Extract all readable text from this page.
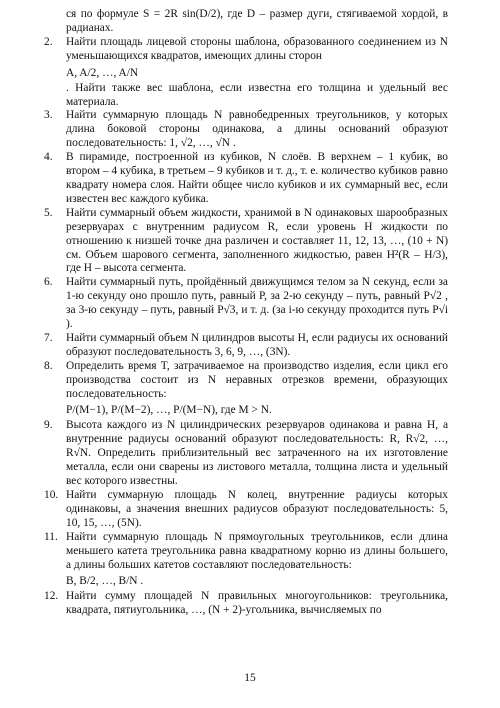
ся по формуле S = 2R sin(D/2), где D – размер дуги, стягиваемой хордой, в радианах.

2.	Найти площадь лицевой стороны шаблона, образованного соединением из N уменьшающихся квадратов, имеющих длины сторон
A, A/2, …, A/N
. Найти также вес шаблона, если известна его толщина и удельный вес материала.
3.	Найти суммарную площадь N равнобедренных треугольников, у которых длина боковой стороны одинакова, а длины оснований образуют последовательность: 1, √2, …, √N .
4.	В пирамиде, построенной из кубиков, N слоёв. В верхнем – 1 кубик, во втором – 4 кубика, в третьем – 9 кубиков и т. д., т. е. количество кубиков равно квадрату номера слоя. Найти общее число кубиков и их суммарный вес, если известен вес каждого кубика.
5.	Найти суммарный объем жидкости, хранимой в N одинаковых шарообразных резервуарах с внутренним радиусом R, если уровень H жидкости по отношению к низшей точке дна различен и составляет 11, 12, 13, …, (10 + N) см. Объем шарового сегмента, заполненного жидкостью, равен H²(R – H/3), где H – высота сегмента.
6.	Найти суммарный путь, пройдённый движущимся телом за N секунд, если за 1-ю секунду оно прошло путь, равный P, за 2-ю секунду – путь, равный P√2 , за 3-ю секунду – путь, равный P√3, и т. д. (за i-ю секунду проходится путь P√i ).
7.	Найти суммарный объем N цилиндров высоты H, если радиусы их оснований образуют последовательность 3, 6, 9, …, (3N).
8.	Определить время T, затрачиваемое на производство изделия, если цикл его производства состоит из N неравных отрезков времени, образующих последовательность:
P/(M−1), P/(M−2), …, P/(M−N), где M > N.
9.	Высота каждого из N цилиндрических резервуаров одинакова и равна H, а внутренние радиусы оснований образуют последовательность: R, R√2, …, R√N. Определить приблизительный вес затраченного на их изготовление металла, если они сварены из листового металла, толщина листа и удельный вес которого известны.
10. Найти суммарную площадь N колец, внутренние радиусы которых одинаковы, а значения внешних радиусов образуют последовательность: 5, 10, 15, …, (5N).
11. Найти суммарную площадь N прямоугольных треугольников, если длина меньшего катета треугольника равна квадратному корню из длины большего, а длины больших катетов составляют последовательность:
B, B/2, …, B/N .
12. Найти сумму площадей N правильных многоугольников: треугольника, квадрата, пятиугольника, …, (N + 2)-угольника, вычисляемых по
15
